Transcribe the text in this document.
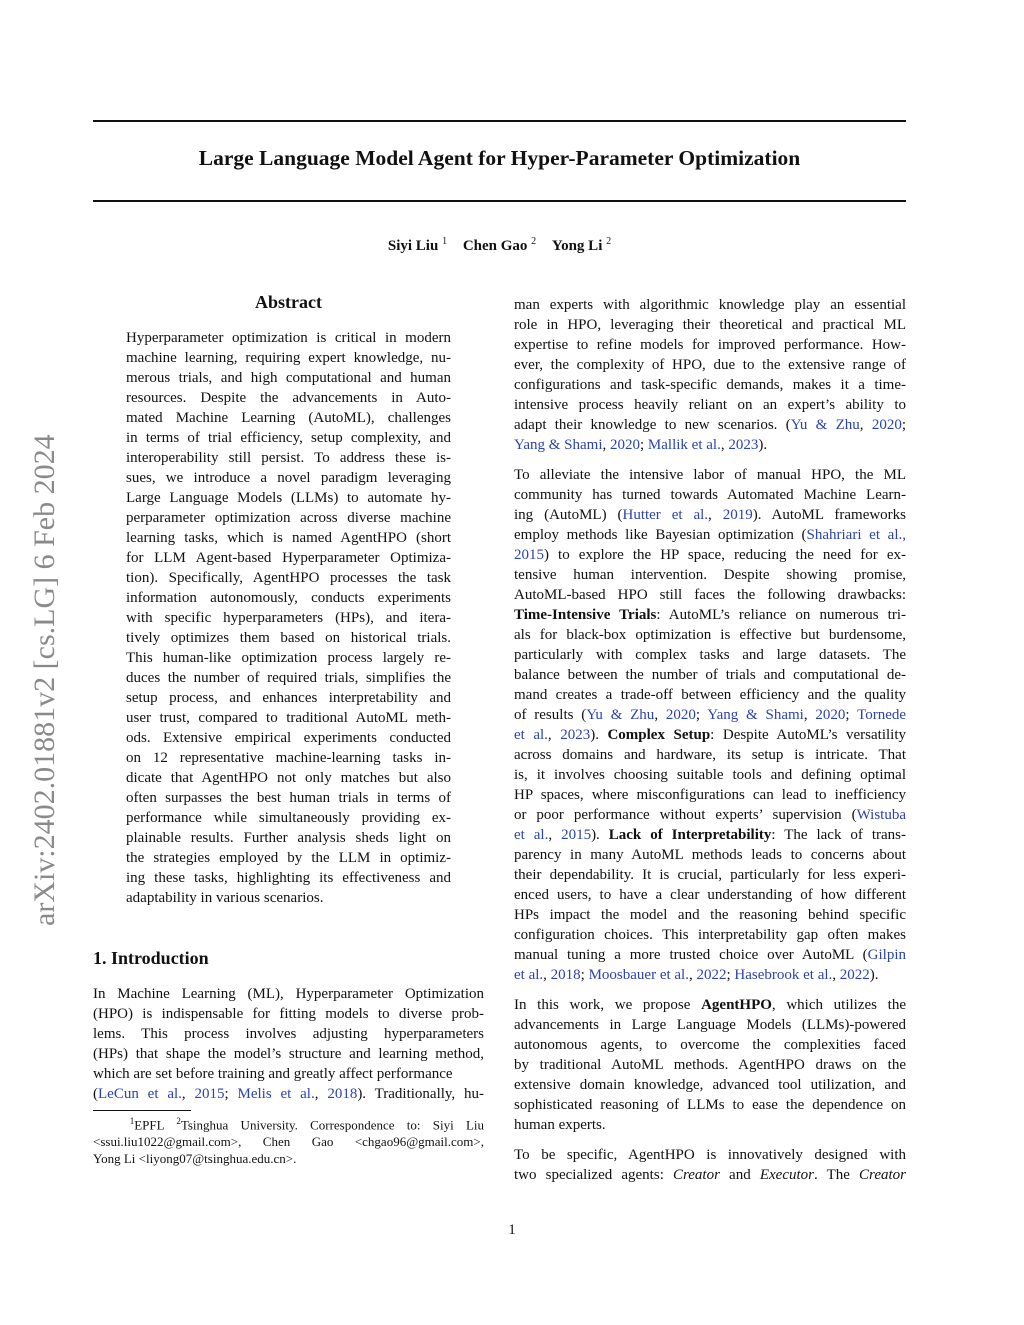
arXiv:2402.01881v2 [cs.LG] 6 Feb 2024
Large Language Model Agent for Hyper-Parameter Optimization
Siyi Liu $^1$ Chen Gao $^2$ Yong Li $^2$
Abstract
Hyperparameter optimization is critical in modern
machine learning, requiring expert knowledge, nu-
merous trials, and high computational and human
resources. Despite the advancements in Auto-
mated Machine Learning (AutoML), challenges
in terms of trial efficiency, setup complexity, and
interoperability still persist. To address these is-
sues, we introduce a novel paradigm leveraging
Large Language Models (LLMs) to automate hy-
perparameter optimization across diverse machine
learning tasks, which is named AgentHPO (short
for LLM Agent-based Hyperparameter Optimiza-
tion). Specifically, AgentHPO processes the task
information autonomously, conducts experiments
with specific hyperparameters (HPs), and itera-
tively optimizes them based on historical trials.
This human-like optimization process largely re-
duces the number of required trials, simplifies the
setup process, and enhances interpretability and
user trust, compared to traditional AutoML meth-
ods. Extensive empirical experiments conducted
on 12 representative machine-learning tasks in-
dicate that AgentHPO not only matches but also
often surpasses the best human trials in terms of
performance while simultaneously providing ex-
plainable results. Further analysis sheds light on
the strategies employed by the LLM in optimiz-
ing these tasks, highlighting its effectiveness and
adaptability in various scenarios.
1. Introduction
In Machine Learning (ML), Hyperparameter Optimization
(HPO) is indispensable for fitting models to diverse prob-
lems. This process involves adjusting hyperparameters
(HPs) that shape the model’s structure and learning method,
which are set before training and greatly affect performance
(LeCun et al., 2015; Melis et al., 2018). Traditionally, hu-
$^1$EPFL $^2$Tsinghua University. Correspondence to: Siyi Liu
<ssui.liu1022@gmail.com>, Chen Gao <chgao96@gmail.com>,
Yong Li <liyong07@tsinghua.edu.cn>.

man experts with algorithmic knowledge play an essential
role in HPO, leveraging their theoretical and practical ML
expertise to refine models for improved performance. How-
ever, the complexity of HPO, due to the extensive range of
configurations and task-specific demands, makes it a time-
intensive process heavily reliant on an expert’s ability to
adapt their knowledge to new scenarios. (Yu & Zhu, 2020;
Yang & Shami, 2020; Mallik et al., 2023).

To alleviate the intensive labor of manual HPO, the ML
community has turned towards Automated Machine Learn-
ing (AutoML) (Hutter et al., 2019). AutoML frameworks
employ methods like Bayesian optimization (Shahriari et al.,
2015) to explore the HP space, reducing the need for ex-
tensive human intervention. Despite showing promise,
AutoML-based HPO still faces the following drawbacks:
Time-Intensive Trials: AutoML’s reliance on numerous tri-
als for black-box optimization is effective but burdensome,
particularly with complex tasks and large datasets. The
balance between the number of trials and computational de-
mand creates a trade-off between efficiency and the quality
of results (Yu & Zhu, 2020; Yang & Shami, 2020; Tornede
et al., 2023). Complex Setup: Despite AutoML’s versatility
across domains and hardware, its setup is intricate. That
is, it involves choosing suitable tools and defining optimal
HP spaces, where misconfigurations can lead to inefficiency
or poor performance without experts’ supervision (Wistuba
et al., 2015). Lack of Interpretability: The lack of trans-
parency in many AutoML methods leads to concerns about
their dependability. It is crucial, particularly for less experi-
enced users, to have a clear understanding of how different
HPs impact the model and the reasoning behind specific
configuration choices. This interpretability gap often makes
manual tuning a more trusted choice over AutoML (Gilpin
et al., 2018; Moosbauer et al., 2022; Hasebrook et al., 2022).

In this work, we propose AgentHPO, which utilizes the
advancements in Large Language Models (LLMs)-powered
autonomous agents, to overcome the complexities faced
by traditional AutoML methods. AgentHPO draws on the
extensive domain knowledge, advanced tool utilization, and
sophisticated reasoning of LLMs to ease the dependence on
human experts.

To be specific, AgentHPO is innovatively designed with
two specialized agents: Creator and Executor. The Creator

1
